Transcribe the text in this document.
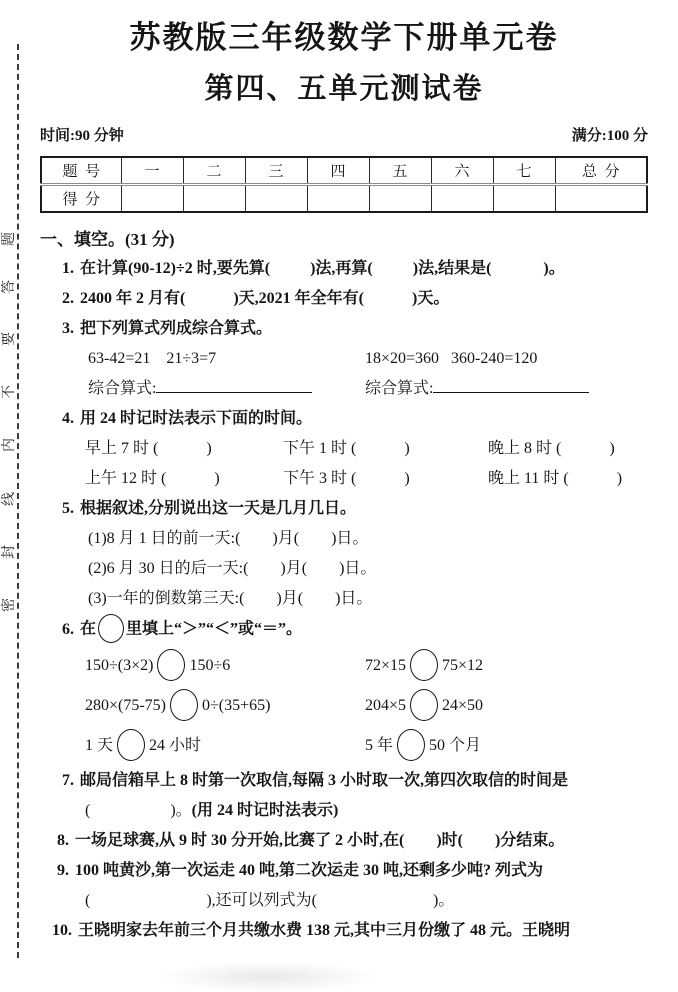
题
答
要
不
内
线
封
密
苏教版三年级数学下册单元卷
第四、五单元测试卷
时间:90 分钟	满分:100 分
题  号	一	二	三	四	五	六	七	总  分
得  分								
一、填空。(31 分)
1. 在计算(90-12)÷2 时,要先算(          )法,再算(          )法,结果是(             )。
2. 2400 年 2 月有(            )天,2021 年全年有(            )天。
3. 把下列算式列成综合算式。
63-42=21    21÷3=7	18×20=360   360-240=120
综合算式:	综合算式:
4. 用 24 时记时法表示下面的时间。
早上 7 时 (            )	下午 1 时 (            )	晚上 8 时 (            )
上午 12 时 (            )	下午 3 时 (            )	晚上 11 时 (            )
5. 根据叙述,分别说出这一天是几月几日。
(1)8 月 1 日的前一天:(        )月(        )日。
(2)6 月 30 日的后一天:(        )月(        )日。
(3)一年的倒数第三天:(        )月(        )日。
6. 在 里填上“＞”“＜”或“＝”。
150÷(3×2) 150÷6	72×15 75×12
280×(75-75) 0÷(35+65)	204×5 24×50
1 天 24 小时	5 年 50 个月
7. 邮局信箱早上 8 时第一次取信,每隔 3 小时取一次,第四次取信的时间是
(                    )。(用 24 时记时法表示)
8. 一场足球赛,从 9 时 30 分开始,比赛了 2 小时,在(        )时(        )分结束。
9. 100 吨黄沙,第一次运走 40 吨,第二次运走 30 吨,还剩多少吨? 列式为
(                             ),还可以列式为(                             )。
10. 王晓明家去年前三个月共缴水费 138 元,其中三月份缴了 48 元。王晓明
